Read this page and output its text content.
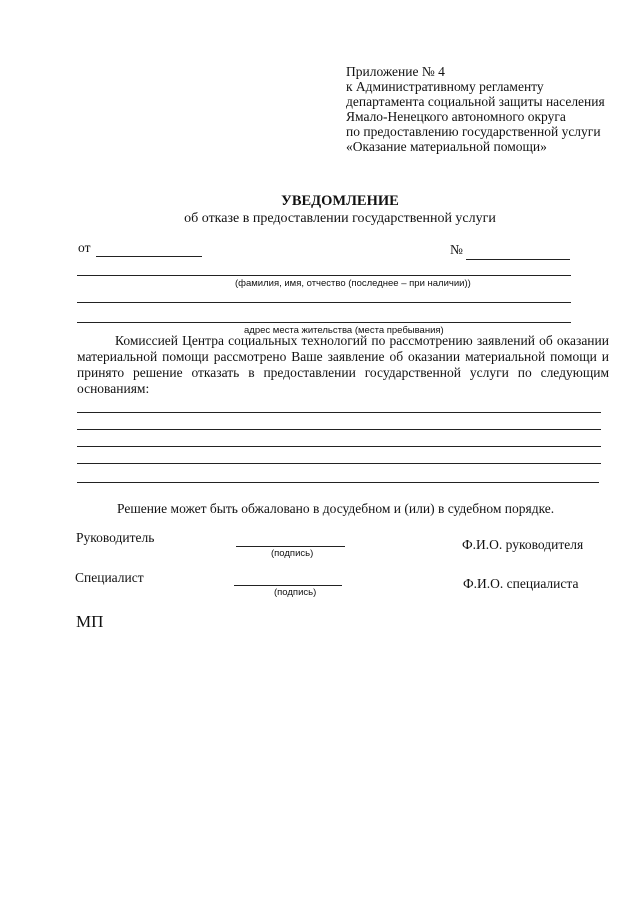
Приложение № 4
к Административному регламенту
департамента социальной защиты населения
Ямало-Ненецкого автономного округа
по предоставлению государственной услуги
«Оказание материальной помощи»
УВЕДОМЛЕНИЕ
об отказе в предоставлении государственной услуги
от	№
(фамилия, имя, отчество (последнее – при наличии))
адрес места жительства (места пребывания)
Комиссией Центра социальных технологий по рассмотрению заявлений об оказании материальной помощи рассмотрено Ваше заявление об оказании материальной помощи и принято решение отказать в предоставлении государственной услуги по следующим основаниям:
Решение может быть обжаловано в досудебном и (или) в судебном порядке.
Руководитель
(подпись)
Ф.И.О. руководителя
Специалист
(подпись)
Ф.И.О. специалиста
МП
